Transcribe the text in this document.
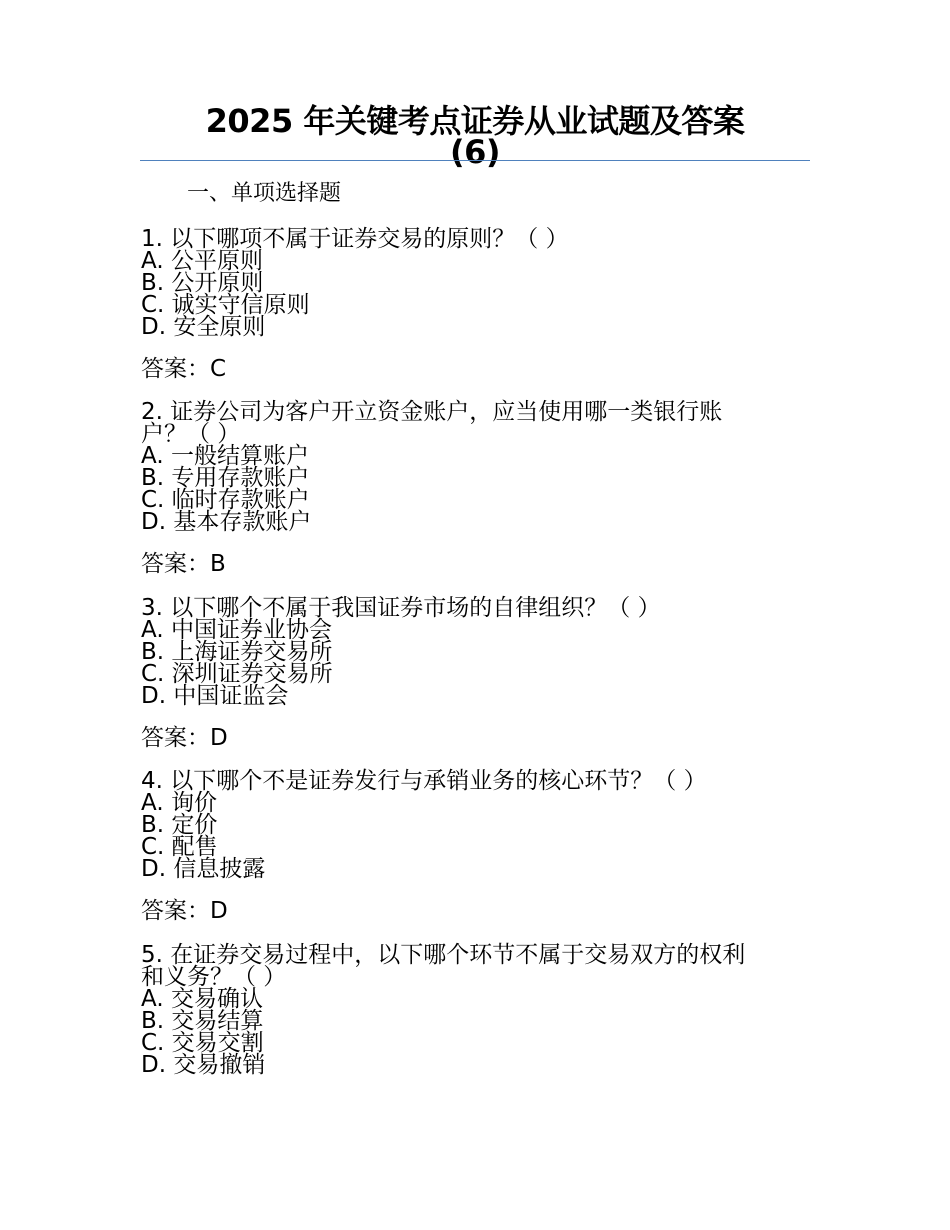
2025 年关键考点证券从业试题及答案
(6)
一、单项选择题
1. 以下哪项不属于证券交易的原则？（ ）
A. 公平原则
B. 公开原则
C. 诚实守信原则
D. 安全原则
答案：C
2. 证券公司为客户开立资金账户，应当使用哪一类银行账
户？（ ）
A. 一般结算账户
B. 专用存款账户
C. 临时存款账户
D. 基本存款账户
答案：B
3. 以下哪个不属于我国证券市场的自律组织？（ ）
A. 中国证券业协会
B. 上海证券交易所
C. 深圳证券交易所
D. 中国证监会
答案：D
4. 以下哪个不是证券发行与承销业务的核心环节？（ ）
A. 询价
B. 定价
C. 配售
D. 信息披露
答案：D
5. 在证券交易过程中，以下哪个环节不属于交易双方的权利
和义务？（ ）
A. 交易确认
B. 交易结算
C. 交易交割
D. 交易撤销
